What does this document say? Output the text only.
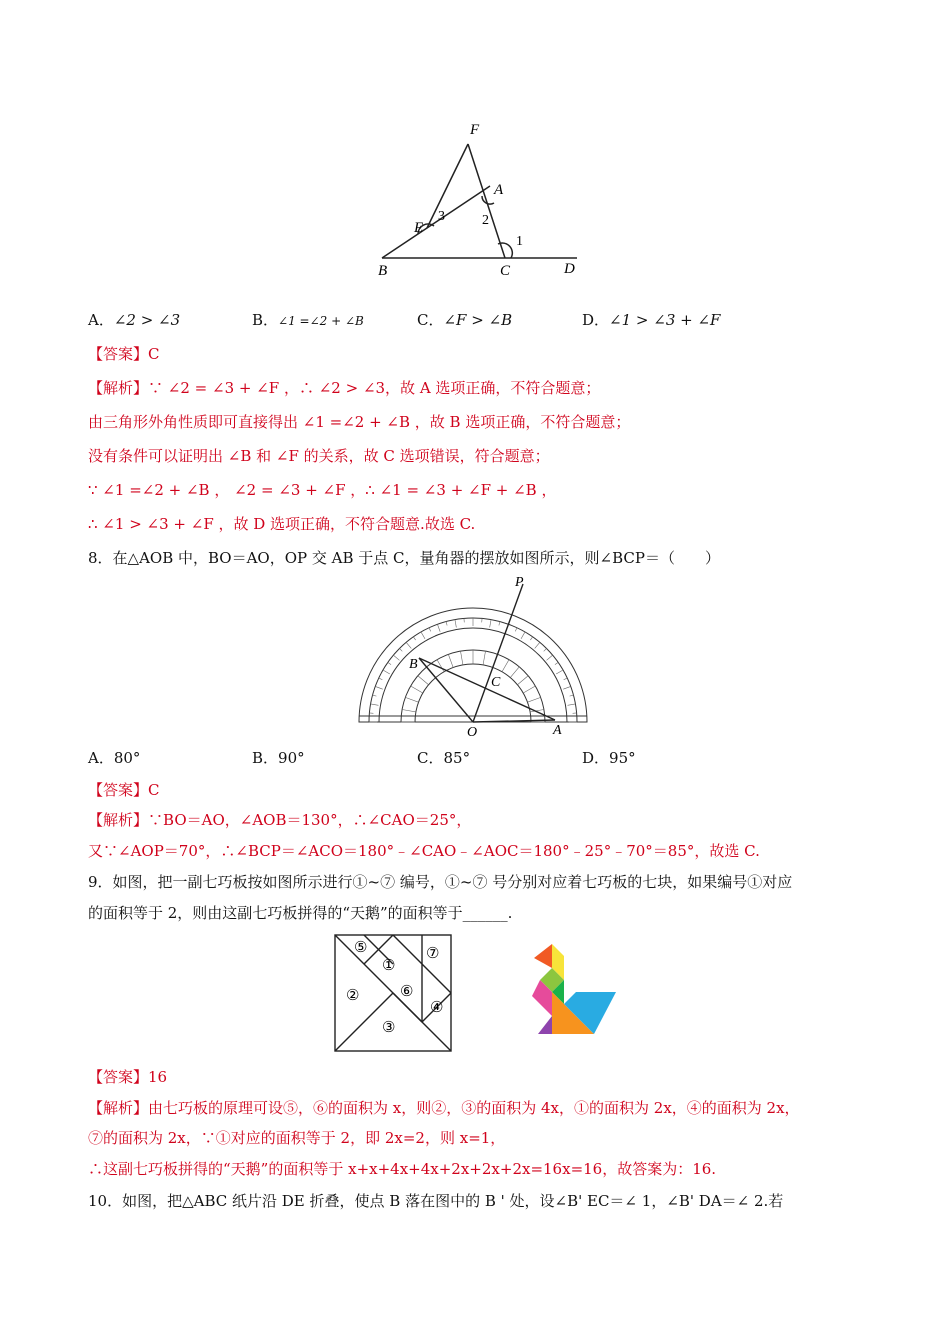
F
A
E
B	C	D
1
2
3
A．∠2 > ∠3	B．∠1 =∠2 + ∠B	C．∠F > ∠B	D．∠1 > ∠3 + ∠F
【答案】C
【解析】∵ ∠2 = ∠3 + ∠F ，∴ ∠2 > ∠3，故 A 选项正确，不符合题意；
由三角形外角性质即可直接得出 ∠1 =∠2 + ∠B ，故 B 选项正确，不符合题意；
没有条件可以证明出 ∠B 和 ∠F 的关系，故 C 选项错误，符合题意；
∵ ∠1 =∠2 + ∠B ， ∠2 = ∠3 + ∠F ，∴ ∠1 = ∠3 + ∠F + ∠B ，
∴ ∠1 > ∠3 + ∠F ，故 D 选项正确，不符合题意.故选 C.
8．在△AOB 中，BO＝AO，OP 交 AB 于点 C，量角器的摆放如图所示，则∠BCP＝（　　）
P
B
C
O	A
A．80°	B．90°	C．85°	D．95°
【答案】C
【解析】∵BO＝AO，∠AOB＝130°，∴∠CAO＝25°，
又∵∠AOP＝70°，∴∠BCP＝∠ACO＝180°﹣∠CAO﹣∠AOC＝180°﹣25°﹣70°＝85°，故选 C.
9．如图，把一副七巧板按如图所示进行①~⑦ 编号，①~⑦ 号分别对应着七巧板的七块，如果编号①对应
的面积等于 2，则由这副七巧板拼得的“天鹅”的面积等于______.
⑤
①
⑦
②	⑥
④
③
【答案】16
【解析】由七巧板的原理可设⑤，⑥的面积为 x，则②，③的面积为 4x，①的面积为 2x，④的面积为 2x，
⑦的面积为 2x，∵①对应的面积等于 2，即 2x=2，则 x=1，
∴这副七巧板拼得的“天鹅”的面积等于 x+x+4x+4x+2x+2x+2x=16x=16，故答案为：16.
10．如图，把△ABC 纸片沿 DE 折叠，使点 B 落在图中的 B ' 处，设∠B' EC＝∠ 1，∠B' DA＝∠ 2.若
